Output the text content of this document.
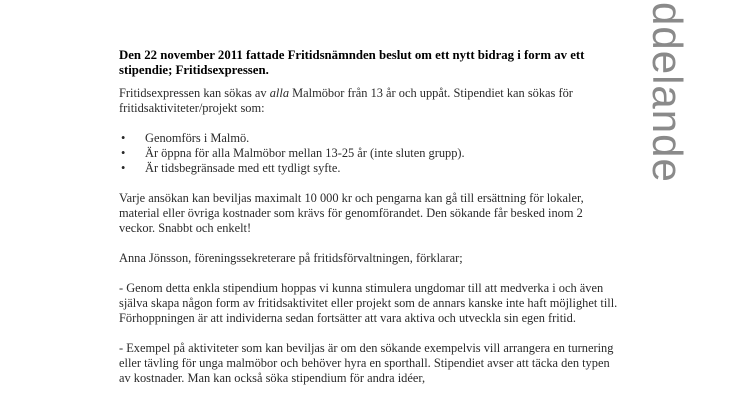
ddelande
Den 22 november 2011 fattade Fritidsnämnden beslut om ett nytt bidrag i form av ett stipendie; Fritidsexpressen.

Fritidsexpressen kan sökas av alla Malmöbor från 13 år och uppåt. Stipendiet kan sökas för fritidsaktiviteter/projekt som:

• Genomförs i Malmö.
• Är öppna för alla Malmöbor mellan 13-25 år (inte sluten grupp).
• Är tidsbegränsade med ett tydligt syfte.

Varje ansökan kan beviljas maximalt 10 000 kr och pengarna kan gå till ersättning för lokaler, material eller övriga kostnader som krävs för genomförandet. Den sökande får besked inom 2 veckor. Snabbt och enkelt!

Anna Jönsson, föreningssekreterare på fritidsförvaltningen, förklarar;

- Genom detta enkla stipendium hoppas vi kunna stimulera ungdomar till att medverka i och även själva skapa någon form av fritidsaktivitet eller projekt som de annars kanske inte haft möjlighet till. Förhoppningen är att individerna sedan fortsätter att vara aktiva och utveckla sin egen fritid.

- Exempel på aktiviteter som kan beviljas är om den sökande exempelvis vill arrangera en turnering eller tävling för unga malmöbor och behöver hyra en sporthall. Stipendiet avser att täcka den typen av kostnader. Man kan också söka stipendium för andra idéer,
